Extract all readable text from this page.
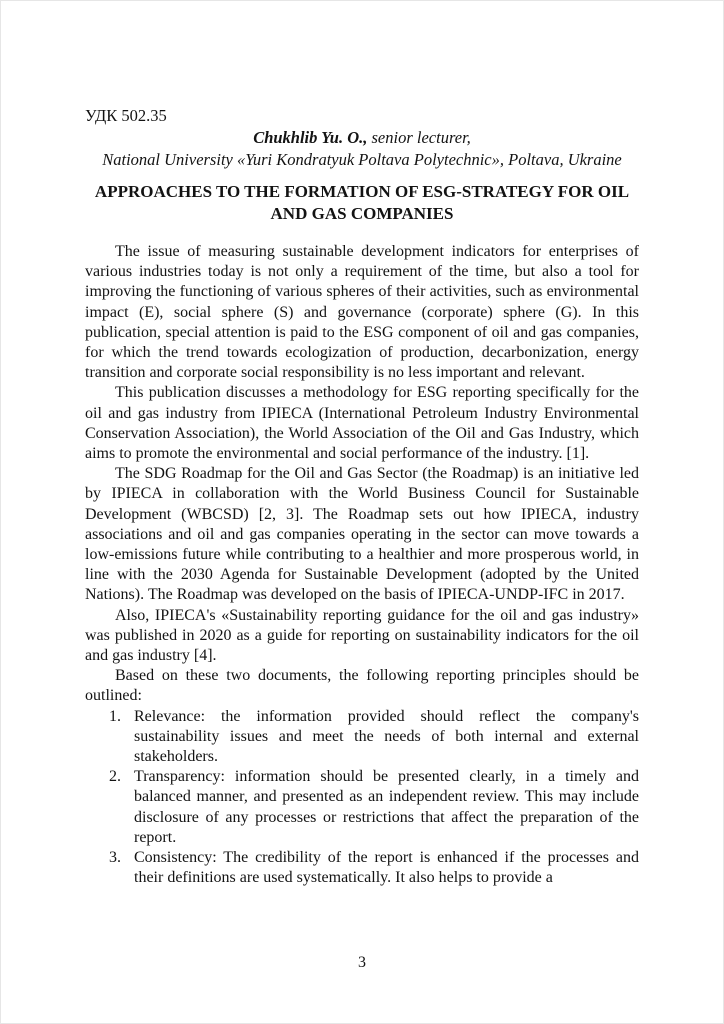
УДК 502.35
Chukhlib Yu. O., senior lecturer,
National University «Yuri Kondratyuk Poltava Polytechnic», Poltava, Ukraine
APPROACHES TO THE FORMATION OF ESG-STRATEGY FOR OIL AND GAS COMPANIES

The issue of measuring sustainable development indicators for enterprises of various industries today is not only a requirement of the time, but also a tool for improving the functioning of various spheres of their activities, such as environmental impact (E), social sphere (S) and governance (corporate) sphere (G). In this publication, special attention is paid to the ESG component of oil and gas companies, for which the trend towards ecologization of production, decarbonization, energy transition and corporate social responsibility is no less important and relevant.

This publication discusses a methodology for ESG reporting specifically for the oil and gas industry from IPIECA (International Petroleum Industry Environmental Conservation Association), the World Association of the Oil and Gas Industry, which aims to promote the environmental and social performance of the industry. [1].

The SDG Roadmap for the Oil and Gas Sector (the Roadmap) is an initiative led by IPIECA in collaboration with the World Business Council for Sustainable Development (WBCSD) [2, 3]. The Roadmap sets out how IPIECA, industry associations and oil and gas companies operating in the sector can move towards a low-emissions future while contributing to a healthier and more prosperous world, in line with the 2030 Agenda for Sustainable Development (adopted by the United Nations). The Roadmap was developed on the basis of IPIECA-UNDP-IFC in 2017.

Also, IPIECA's «Sustainability reporting guidance for the oil and gas industry» was published in 2020 as a guide for reporting on sustainability indicators for the oil and gas industry [4].

Based on these two documents, the following reporting principles should be outlined:

1. Relevance: the information provided should reflect the company's sustainability issues and meet the needs of both internal and external stakeholders.
2. Transparency: information should be presented clearly, in a timely and balanced manner, and presented as an independent review. This may include disclosure of any processes or restrictions that affect the preparation of the report.
3. Consistency: The credibility of the report is enhanced if the processes and their definitions are used systematically. It also helps to provide a
3
